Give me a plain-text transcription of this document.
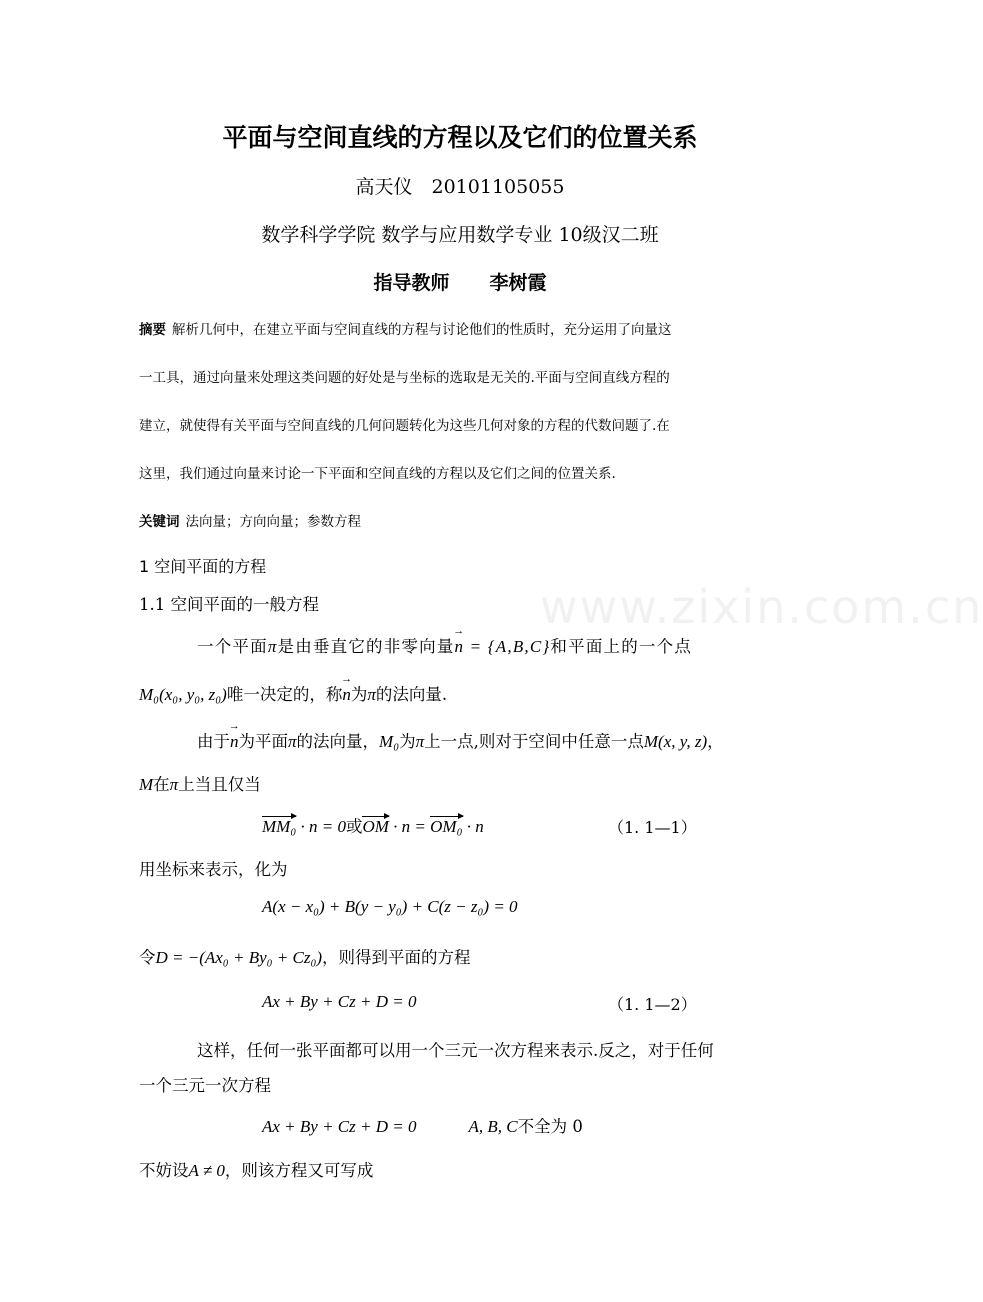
平面与空间直线的方程以及它们的位置关系
高天仪　20101105055
数学科学学院 数学与应用数学专业 10级汉二班
指导教师 李树霞
摘要 解析几何中，在建立平面与空间直线的方程与讨论他们的性质时，充分运用了向量这
一工具，通过向量来处理这类问题的好处是与坐标的选取是无关的.平面与空间直线方程的
建立，就使得有关平面与空间直线的几何问题转化为这些几何对象的方程的代数问题了.在
这里，我们通过向量来讨论一下平面和空间直线的方程以及它们之间的位置关系.
关键词 法向量；方向向量；参数方程
1 空间平面的方程
1.1 空间平面的一般方程	www.zixin.com.cn
一个平面π是由垂直它的非零向量→ n = {A,B,C}和平面上的一个点
M₀(x₀, y₀, z₀)唯一决定的，称→ n为π的法向量.
由于→ n为平面π的法向量，M₀为π上一点,则对于空间中任意一点M(x, y, z)，
M在π上当且仅当
MM₀ · n = 0或OM · n = OM₀ · n	（1. 1—1）
用坐标来表示，化为
A(x − x₀) + B(y − y₀) + C(z − z₀) = 0
令D = −(Ax₀ + By₀ + Cz₀)，则得到平面的方程
Ax + By + Cz + D = 0	（1. 1—2）
这样，任何一张平面都可以用一个三元一次方程来表示.反之，对于任何
一个三元一次方程
Ax + By + Cz + D = 0	A, B, C不全为 0
不妨设A ≠ 0，则该方程又可写成
